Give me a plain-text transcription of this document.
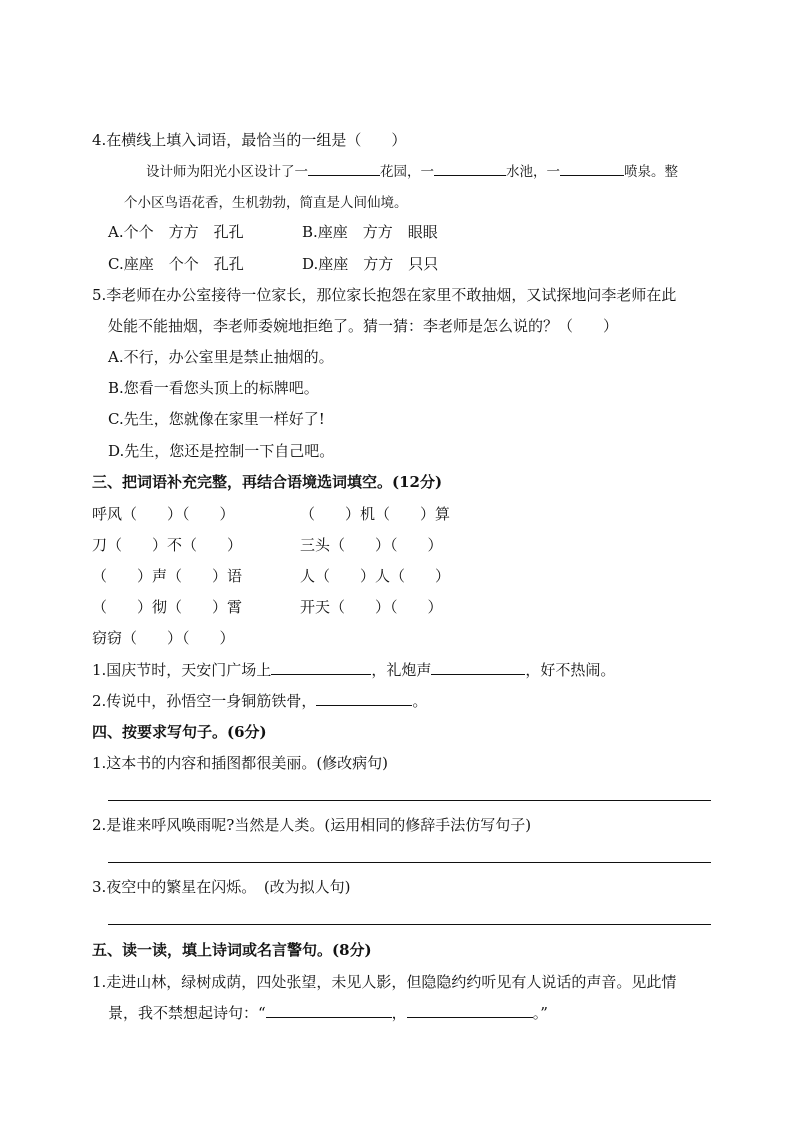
4.在横线上填入词语，最恰当的一组是（　　）
设计师为阳光小区设计了一	花园，一	水池，一	喷泉。整
个小区鸟语花香，生机勃勃，简直是人间仙境。
A.个个　方方　孔孔	B.座座　方方　眼眼
C.座座　个个　孔孔	D.座座　方方　只只
5.李老师在办公室接待一位家长，那位家长抱怨在家里不敢抽烟，又试探地问李老师在此
处能不能抽烟，李老师委婉地拒绝了。猜一猜：李老师是怎么说的？（　　）
A.不行，办公室里是禁止抽烟的。
B.您看一看您头顶上的标牌吧。
C.先生，您就像在家里一样好了!
D.先生，您还是控制一下自己吧。
三、把词语补充完整，再结合语境选词填空。(12分)
呼风（　　）（　　）	（　　）机（　　）算
刀（　　）不（　　）	三头（　　）（　　）
（　　）声（　　）语	人（　　）人（　　）
（　　）彻（　　）霄	开天（　　）（　　）
窃窃（　　）（　　）
1.国庆节时，天安门广场上	，礼炮声	，好不热闹。
2.传说中，孙悟空一身铜筋铁骨，	。
四、按要求写句子。(6分)
1.这本书的内容和插图都很美丽。(修改病句)
2.是谁来呼风唤雨呢?当然是人类。(运用相同的修辞手法仿写句子)
3.夜空中的繁星在闪烁。　(改为拟人句)
五、读一读，填上诗词或名言警句。(8分)
1.走进山林，绿树成荫，四处张望，未见人影，但隐隐约约听见有人说话的声音。见此情
景，我不禁想起诗句：“	，	。”
